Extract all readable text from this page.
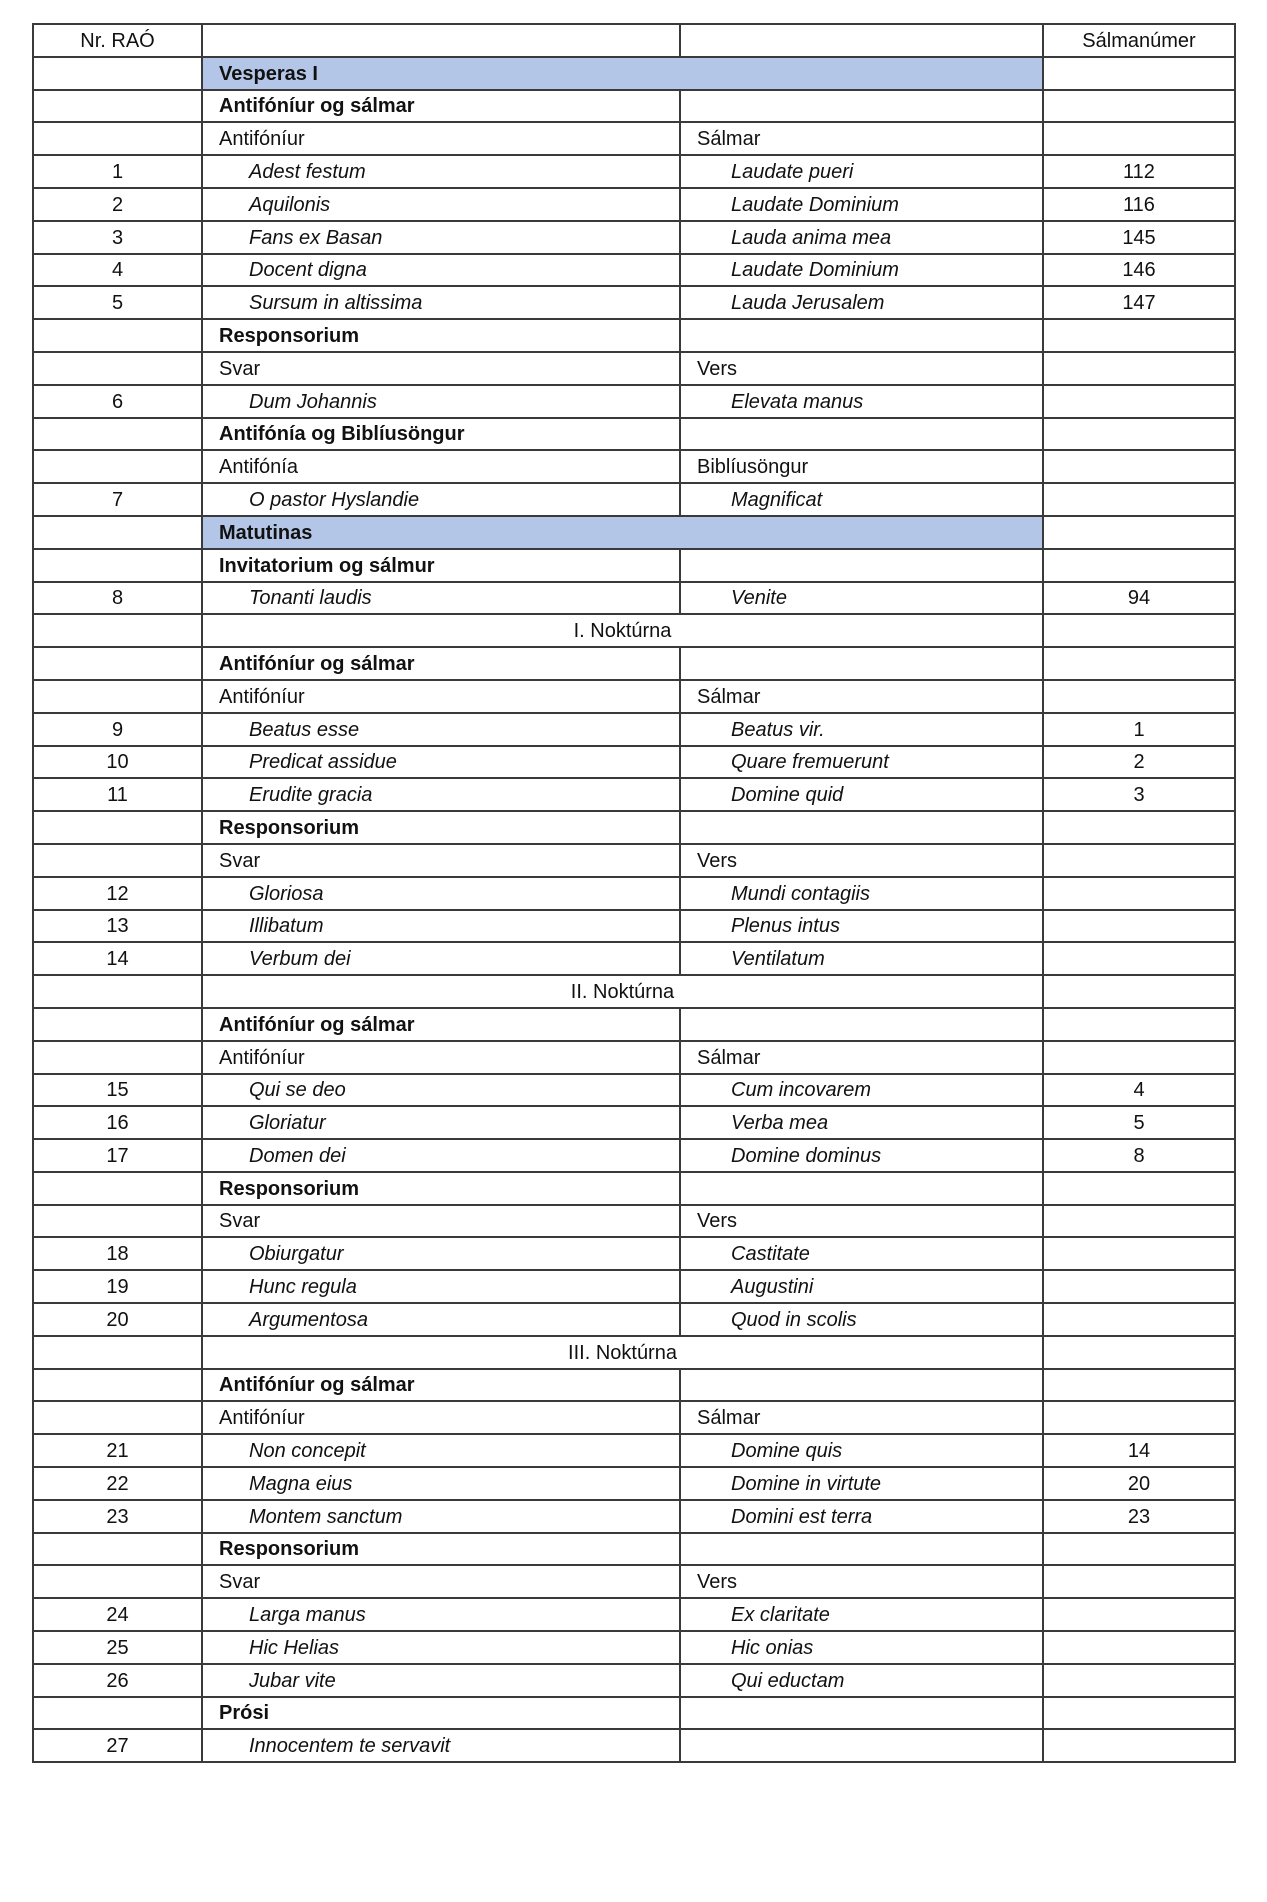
Nr. RAÓ			Sálmanúmer
	Vesperas I		
	Antifóníur og sálmar		
	Antifóníur	Sálmar	
1	Adest festum	Laudate pueri	112
2	Aquilonis	Laudate Dominium	116
3	Fans ex Basan	Lauda anima mea	145
4	Docent digna	Laudate Dominium	146
5	Sursum in altissima	Lauda Jerusalem	147
	Responsorium		
	Svar	Vers	
6	Dum Johannis	Elevata manus	
	Antifónía og Biblíusöngur		
	Antifónía	Biblíusöngur	
7	O pastor Hyslandie	Magnificat	
	Matutinas		
	Invitatorium og sálmur		
8	Tonanti laudis	Venite	94
	I. Noktúrna		
	Antifóníur og sálmar		
	Antifóníur	Sálmar	
9	Beatus esse	Beatus vir.	1
10	Predicat assidue	Quare fremuerunt	2
11	Erudite gracia	Domine quid	3
	Responsorium		
	Svar	Vers	
12	Gloriosa	Mundi contagiis	
13	Illibatum	Plenus intus	
14	Verbum dei	Ventilatum	
	II. Noktúrna		
	Antifóníur og sálmar		
	Antifóníur	Sálmar	
15	Qui se deo	Cum incovarem	4
16	Gloriatur	Verba mea	5
17	Domen dei	Domine dominus	8
	Responsorium		
	Svar	Vers	
18	Obiurgatur	Castitate	
19	Hunc regula	Augustini	
20	Argumentosa	Quod in scolis	
	III. Noktúrna		
	Antifóníur og sálmar		
	Antifóníur	Sálmar	
21	Non concepit	Domine quis	14
22	Magna eius	Domine in virtute	20
23	Montem sanctum	Domini est terra	23
	Responsorium		
	Svar	Vers	
24	Larga manus	Ex claritate	
25	Hic Helias	Hic onias	
26	Jubar vite	Qui eductam	
	Prósi		
27	Innocentem te servavit		
